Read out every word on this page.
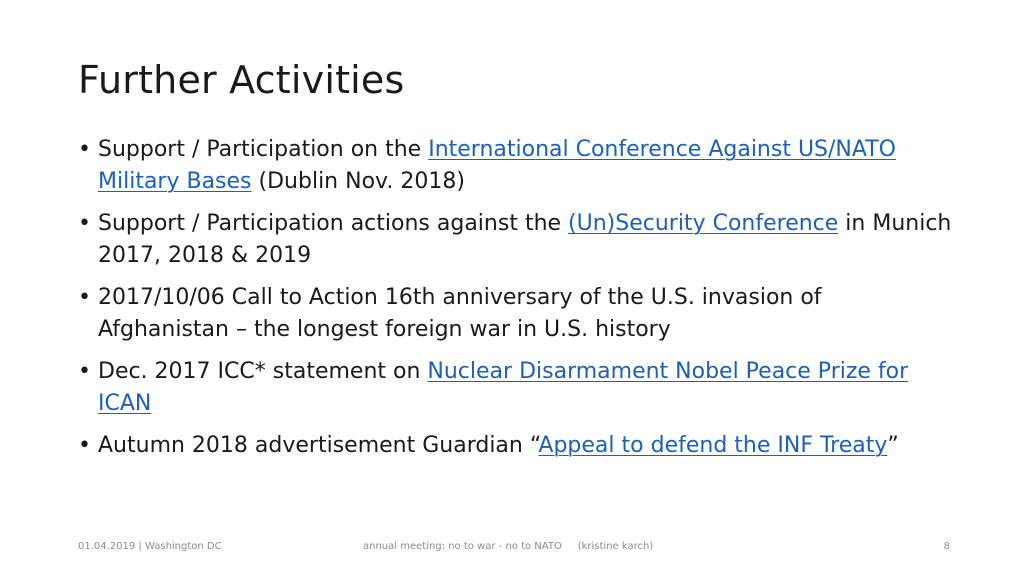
Further Activities
• Support / Participation on the International Conference Against US/NATO Military Bases (Dublin Nov. 2018)
• Support / Participation actions against the (Un)Security Conference in Munich 2017, 2018 & 2019
• 2017/10/06 Call to Action 16th anniversary of the U.S. invasion of Afghanistan – the longest foreign war in U.S. history
• Dec. 2017 ICC* statement on Nuclear Disarmament Nobel Peace Prize for ICAN
• Autumn 2018 advertisement Guardian “Appeal to defend the INF Treaty”
01.04.2019 | Washington DC	annual meeting: no to war - no to NATO     (kristine karch)	8
